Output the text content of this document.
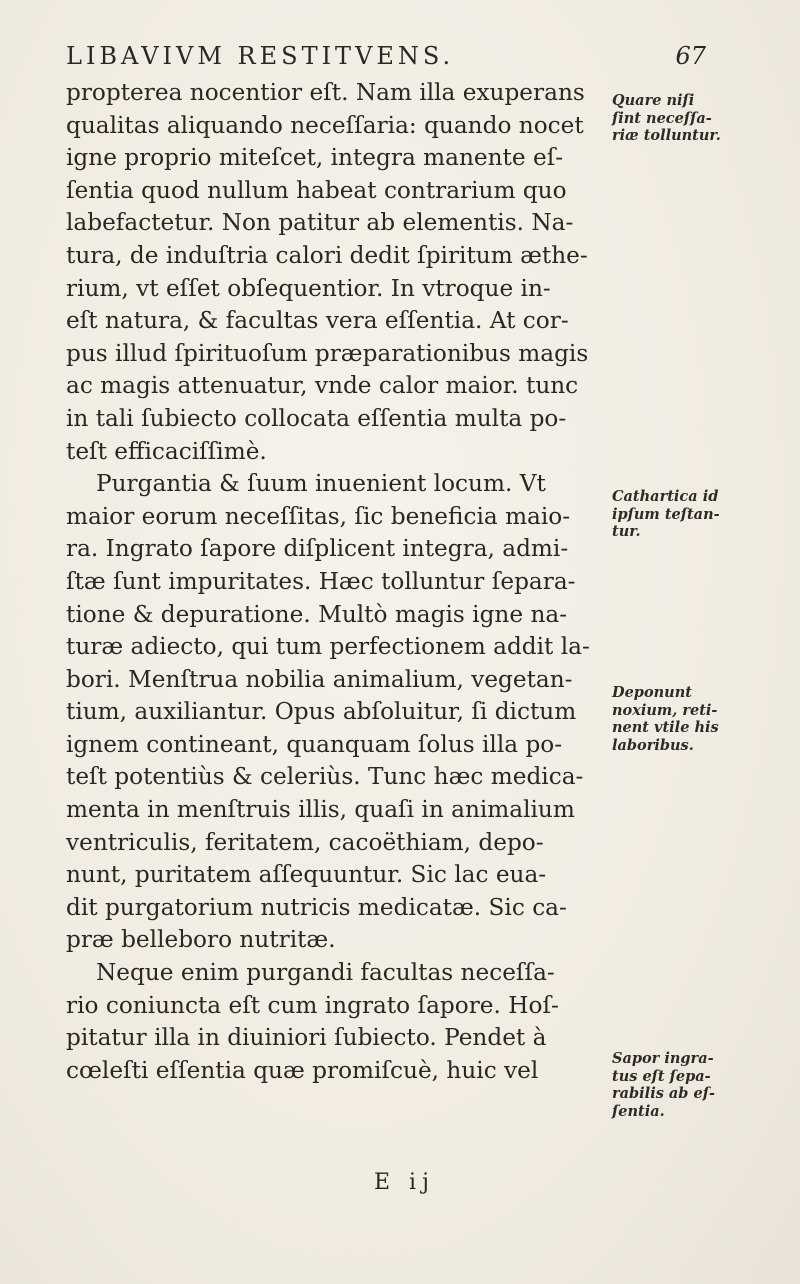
LIBAVIVM RESTITVENS.	67
propterea nocentior eſt. Nam illa exuperans
qualitas aliquando neceſſaria: quando nocet
igne proprio miteſcet, integra manente eſ-
ſentia quod nullum habeat contrarium quo
labefactetur. Non patitur ab elementis. Na-
tura, de induſtria calori dedit ſpiritum æthe-
rium, vt eſſet obſequentior. In vtroque in-
eſt natura, & facultas vera eſſentia. At cor-
pus illud ſpirituoſum præparationibus magis
ac magis attenuatur, vnde calor maior. tunc
in tali ſubiecto collocata eſſentia multa po-
teſt efficaciſſimè.
Purgantia & ſuum inuenient locum. Vt
maior eorum neceſſitas, ſic beneficia maio-
ra. Ingrato ſapore diſplicent integra, admi-
ſtæ ſunt impuritates. Hæc tolluntur ſepara-
tione & depuratione. Multò magis igne na-
turæ adiecto, qui tum perfectionem addit la-
bori. Menſtrua nobilia animalium, vegetan-
tium, auxiliantur. Opus abſoluitur, ſi dictum
ignem contineant, quanquam ſolus illa po-
teſt potentiùs & celeriùs. Tunc hæc medica-
menta in menſtruis illis, quaſi in animalium
ventriculis, feritatem, cacoëthiam, depo-
nunt, puritatem aſſequuntur. Sic lac eua-
dit purgatorium nutricis medicatæ. Sic ca-
præ belleboro nutritæ.
Neque enim purgandi facultas neceſſa-
rio coniuncta eſt cum ingrato ſapore. Hoſ-
pitatur illa in diuiniori ſubiecto. Pendet à
cœleſti eſſentia quæ promiſcuè, huic vel
Quare niſi
ſint neceſſa-
riæ tolluntur.
Cathartica id
ipſum teſtan-
tur.
Deponunt
noxium, reti-
nent vtile his
laboribus.
Sapor ingra-
tus eſt ſepa-
rabilis ab eſ-
ſentia.
E ij
